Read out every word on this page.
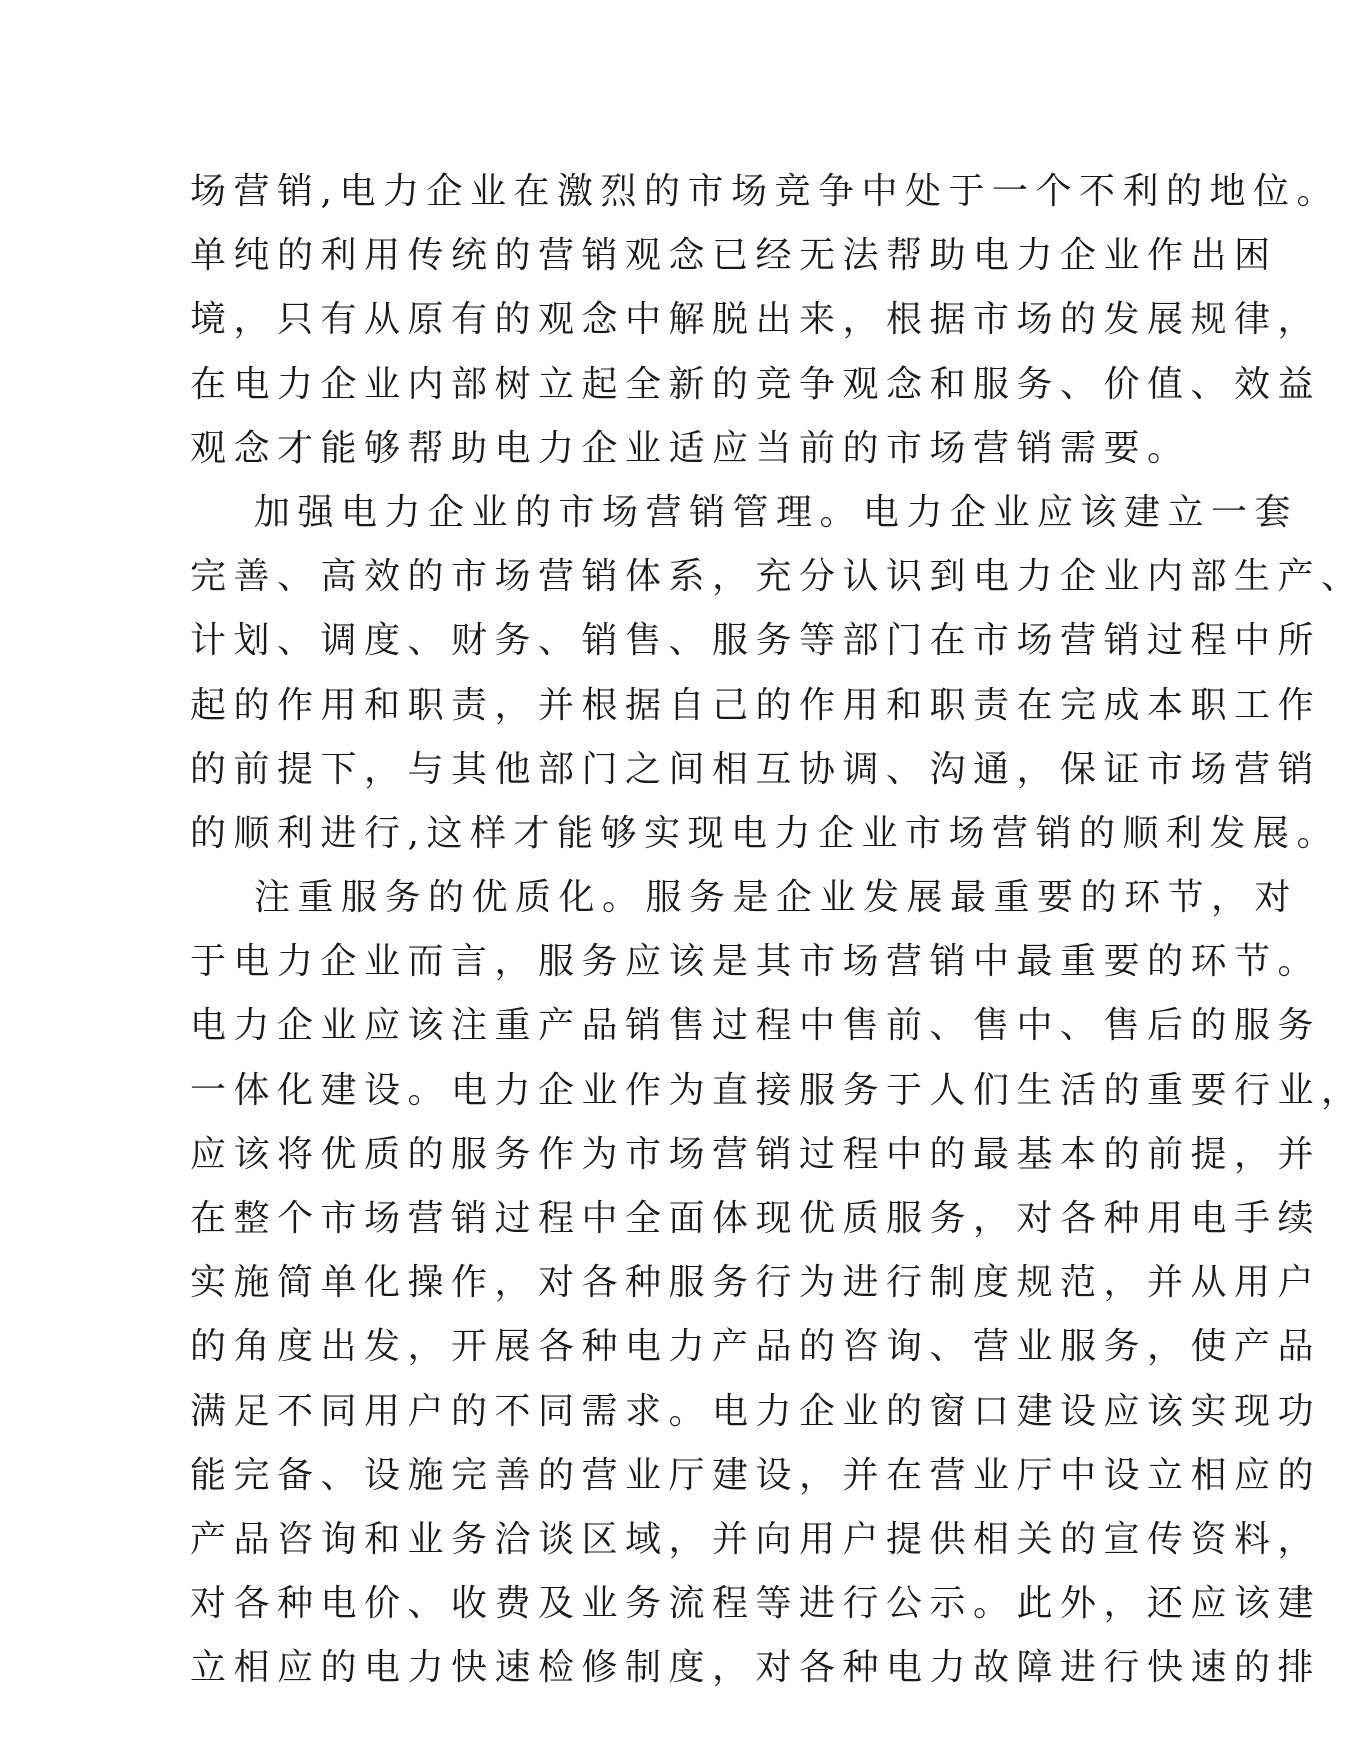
场营销,电力企业在激烈的市场竞争中处于一个不利的地位。
单纯的利用传统的营销观念已经无法帮助电力企业作出困
境，只有从原有的观念中解脱出来，根据市场的发展规律，
在电力企业内部树立起全新的竞争观念和服务、价值、效益
观念才能够帮助电力企业适应当前的市场营销需要。
加强电力企业的市场营销管理。电力企业应该建立一套
完善、高效的市场营销体系，充分认识到电力企业内部生产、
计划、调度、财务、销售、服务等部门在市场营销过程中所
起的作用和职责，并根据自己的作用和职责在完成本职工作
的前提下，与其他部门之间相互协调、沟通，保证市场营销
的顺利进行,这样才能够实现电力企业市场营销的顺利发展。
注重服务的优质化。服务是企业发展最重要的环节，对
于电力企业而言，服务应该是其市场营销中最重要的环节。
电力企业应该注重产品销售过程中售前、售中、售后的服务
一体化建设。电力企业作为直接服务于人们生活的重要行业，
应该将优质的服务作为市场营销过程中的最基本的前提，并
在整个市场营销过程中全面体现优质服务，对各种用电手续
实施简单化操作，对各种服务行为进行制度规范，并从用户
的角度出发，开展各种电力产品的咨询、营业服务，使产品
满足不同用户的不同需求。电力企业的窗口建设应该实现功
能完备、设施完善的营业厅建设，并在营业厅中设立相应的
产品咨询和业务洽谈区域，并向用户提供相关的宣传资料，
对各种电价、收费及业务流程等进行公示。此外，还应该建
立相应的电力快速检修制度，对各种电力故障进行快速的排
